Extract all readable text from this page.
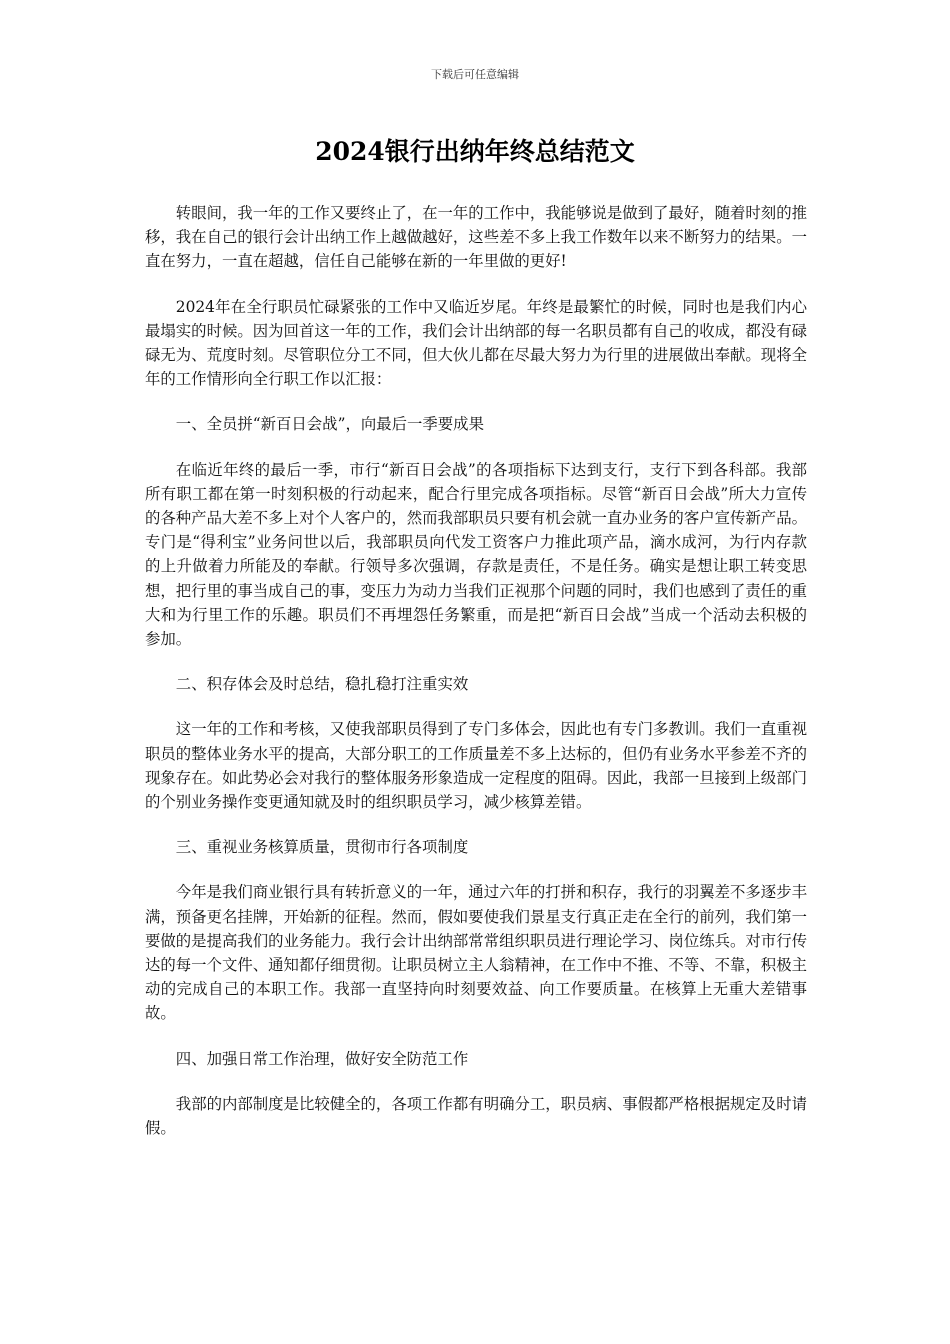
下载后可任意编辑
2024银行出纳年终总结范文

转眼间，我一年的工作又要终止了，在一年的工作中，我能够说是做到了最好，随着时刻的推移，我在自己的银行会计出纳工作上越做越好，这些差不多上我工作数年以来不断努力的结果。一直在努力，一直在超越，信任自己能够在新的一年里做的更好!

2024年在全行职员忙碌紧张的工作中又临近岁尾。年终是最繁忙的时候，同时也是我们内心最塌实的时候。因为回首这一年的工作，我们会计出纳部的每一名职员都有自己的收成，都没有碌碌无为、荒度时刻。尽管职位分工不同，但大伙儿都在尽最大努力为行里的进展做出奉献。现将全年的工作情形向全行职工作以汇报：

一、全员拼“新百日会战”，向最后一季要成果

在临近年终的最后一季，市行“新百日会战”的各项指标下达到支行，支行下到各科部。我部所有职工都在第一时刻积极的行动起来，配合行里完成各项指标。尽管“新百日会战”所大力宣传的各种产品大差不多上对个人客户的，然而我部职员只要有机会就一直办业务的客户宣传新产品。专门是“得利宝”业务问世以后，我部职员向代发工资客户力推此项产品，滴水成河，为行内存款的上升做着力所能及的奉献。行领导多次强调，存款是责任，不是任务。确实是想让职工转变思想，把行里的事当成自己的事，变压力为动力当我们正视那个问题的同时，我们也感到了责任的重大和为行里工作的乐趣。职员们不再埋怨任务繁重，而是把“新百日会战”当成一个活动去积极的参加。

二、积存体会及时总结，稳扎稳打注重实效

这一年的工作和考核，又使我部职员得到了专门多体会，因此也有专门多教训。我们一直重视职员的整体业务水平的提高，大部分职工的工作质量差不多上达标的，但仍有业务水平参差不齐的现象存在。如此势必会对我行的整体服务形象造成一定程度的阻碍。因此，我部一旦接到上级部门的个别业务操作变更通知就及时的组织职员学习，减少核算差错。

三、重视业务核算质量，贯彻市行各项制度

今年是我们商业银行具有转折意义的一年，通过六年的打拼和积存，我行的羽翼差不多逐步丰满，预备更名挂牌，开始新的征程。然而，假如要使我们景星支行真正走在全行的前列，我们第一要做的是提高我们的业务能力。我行会计出纳部常常组织职员进行理论学习、岗位练兵。对市行传达的每一个文件、通知都仔细贯彻。让职员树立主人翁精神，在工作中不推、不等、不靠，积极主动的完成自己的本职工作。我部一直坚持向时刻要效益、向工作要质量。在核算上无重大差错事故。

四、加强日常工作治理，做好安全防范工作

我部的内部制度是比较健全的，各项工作都有明确分工，职员病、事假都严格根据规定及时请假。
